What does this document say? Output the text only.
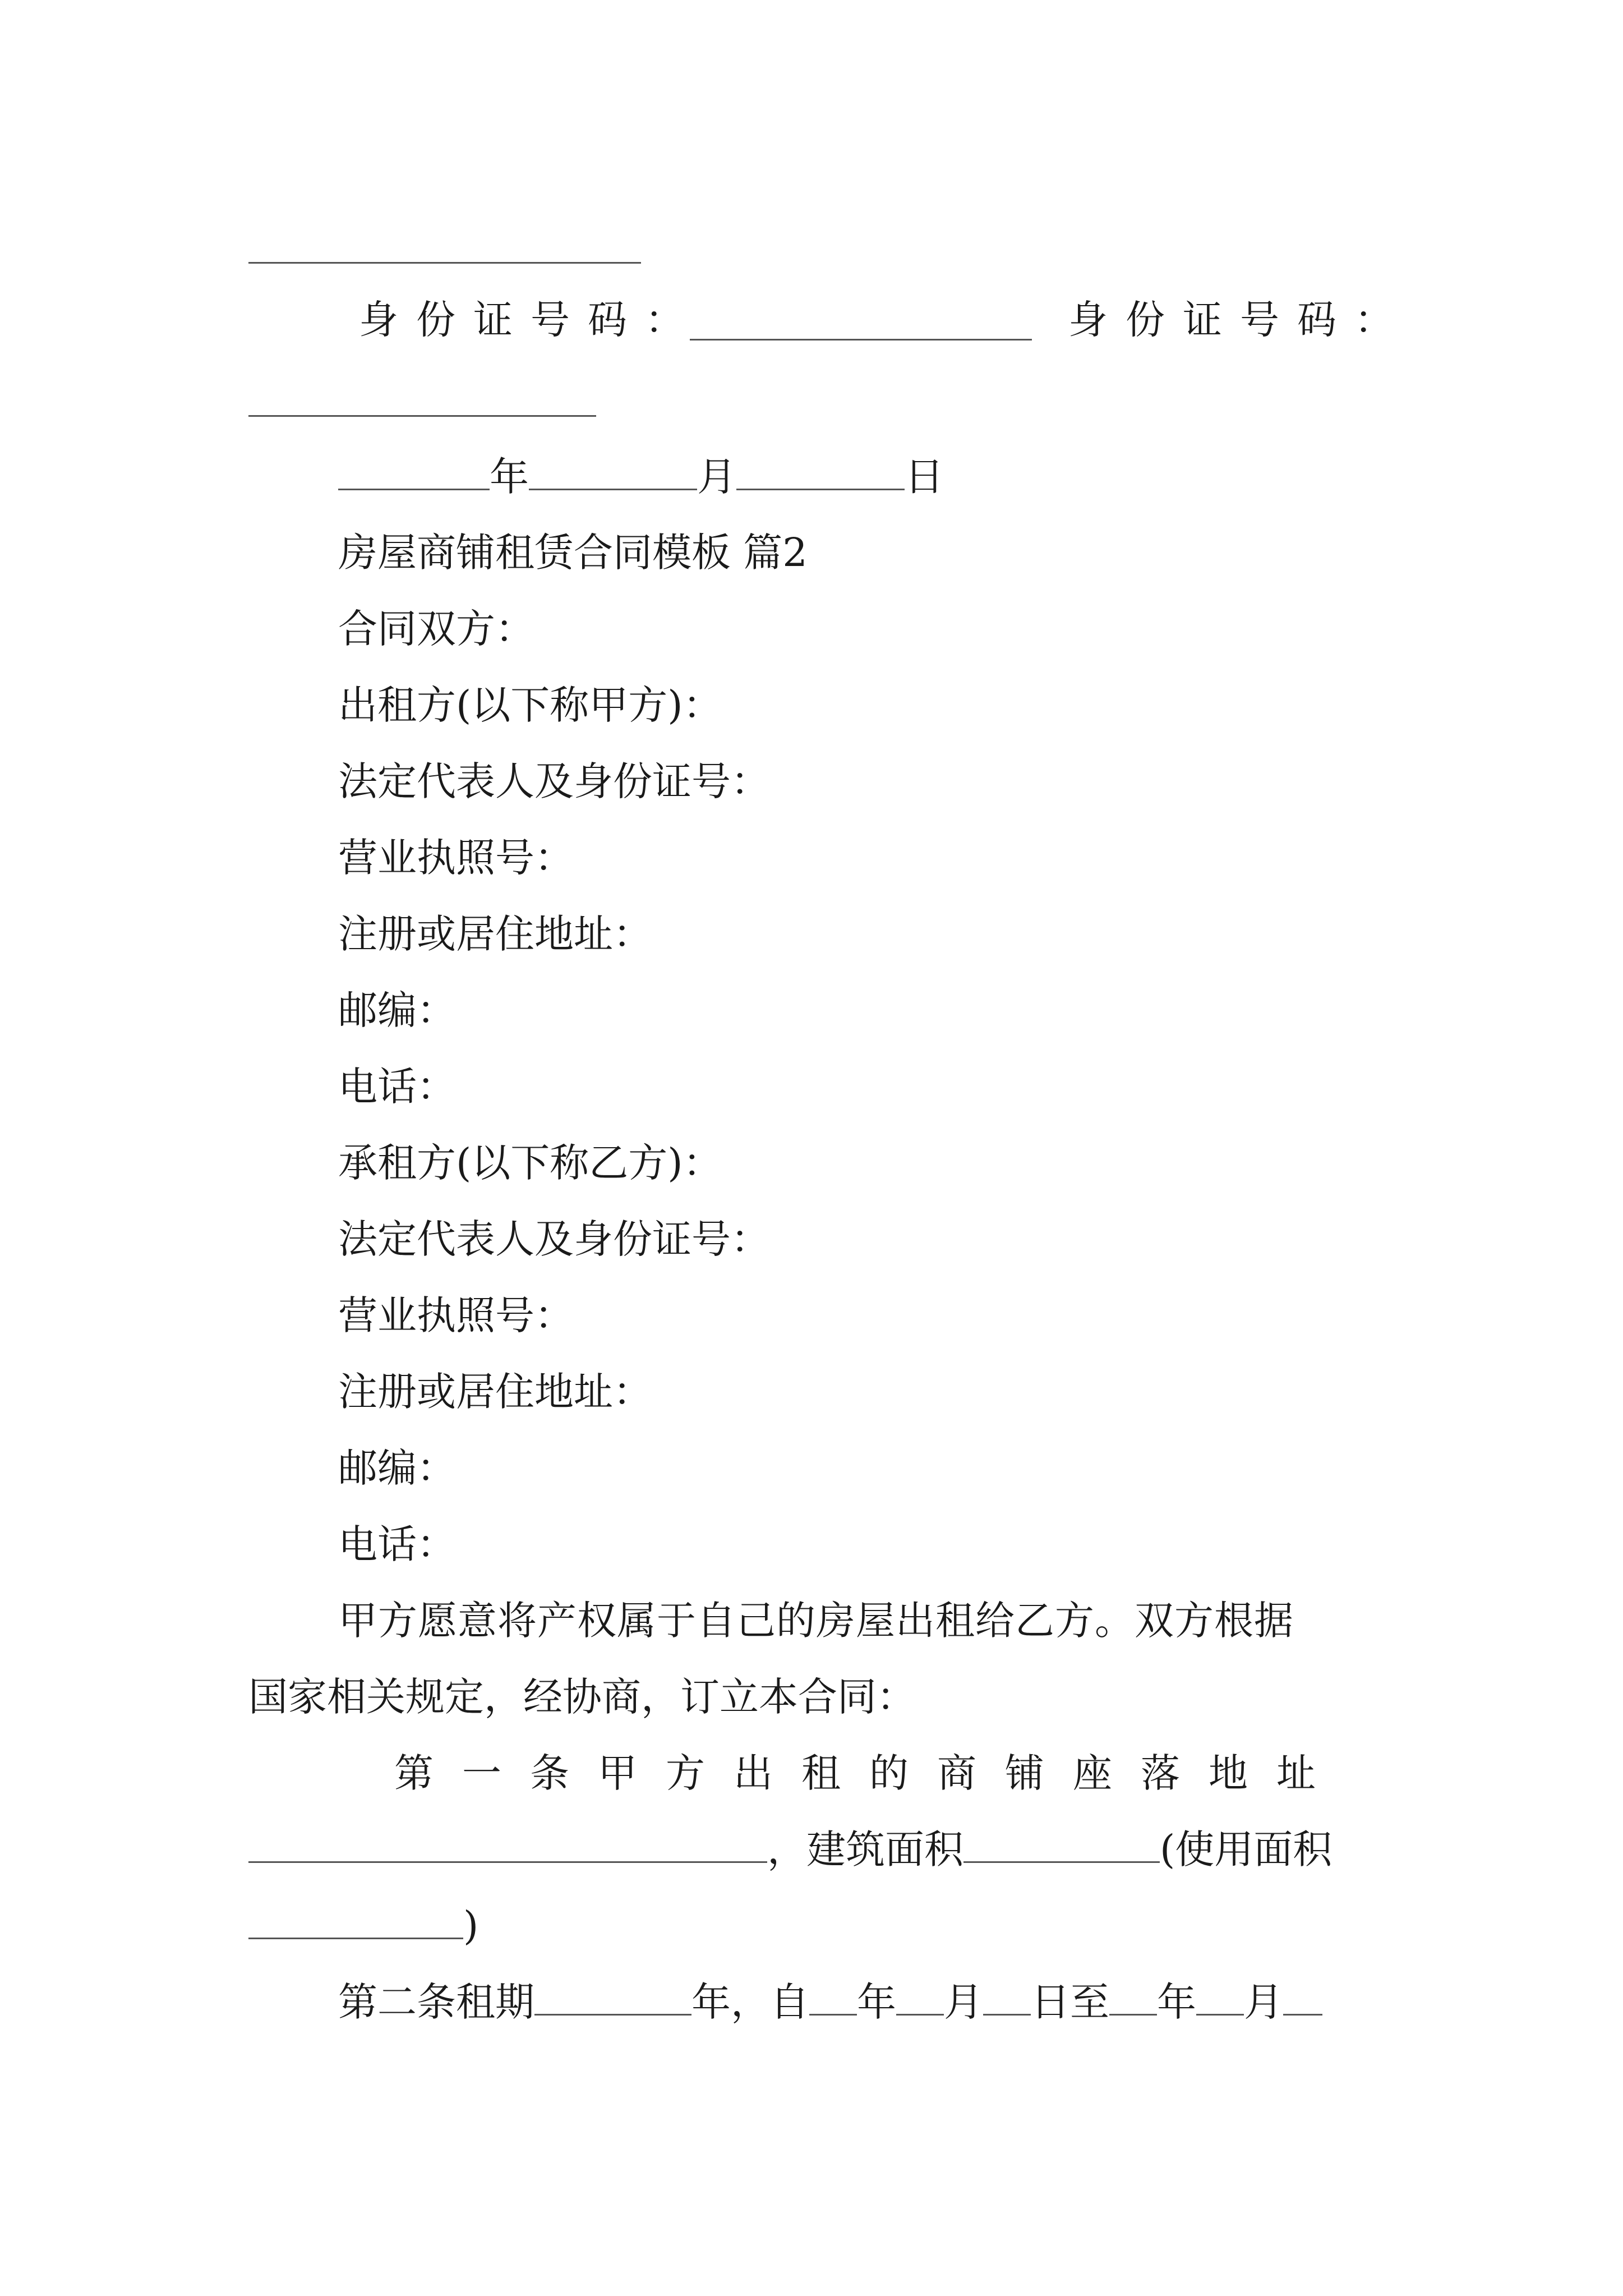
身份证号码：	身份证号码：
年	月	日
房屋商铺租赁合同模板 篇2
合同双方：
出租方(以下称甲方)：
法定代表人及身份证号：
营业执照号：
注册或居住地址：
邮编：
电话：
承租方(以下称乙方)：
法定代表人及身份证号：
营业执照号：
注册或居住地址：
邮编：
电话：
甲方愿意将产权属于自己的房屋出租给乙方。双方根据
国家相关规定，经协商，订立本合同：
第一条甲方出租的商铺座落地址
，建筑面积	(使用面积
)
第二条租期	年，自 年 月 日至 年 月
